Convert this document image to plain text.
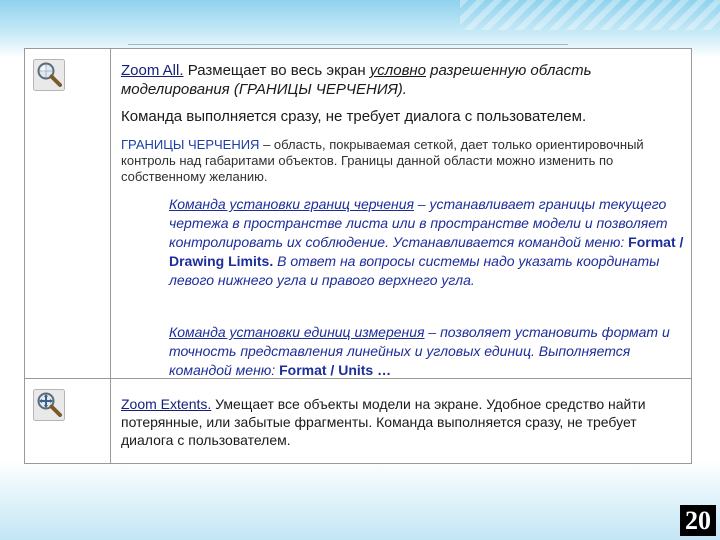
Zoom All. Размещает во весь экран условно разрешенную область моделирования (ГРАНИЦЫ ЧЕРЧЕНИЯ).

Команда выполняется сразу, не требует диалога с пользователем.

ГРАНИЦЫ ЧЕРЧЕНИЯ – область, покрываемая сеткой, дает только ориентировочный контроль над габаритами объектов. Границы данной области можно изменить по собственному желанию.

Команда установки границ черчения – устанавливает границы текущего чертежа в пространстве листа или в пространстве модели и позволяет контролировать их соблюдение. Устанавливается командой меню: Format / Drawing Limits. В ответ на вопросы системы надо указать координаты левого нижнего угла и правого верхнего угла.

Команда установки единиц измерения – позволяет установить формат и точность представления линейных и угловых единиц. Выполняется командой меню: Format / Units …

Zoom Extents. Умещает все объекты модели на экране. Удобное средство найти потерянные, или забытые фрагменты. Команда выполняется сразу, не требует диалога с пользователем.

20
